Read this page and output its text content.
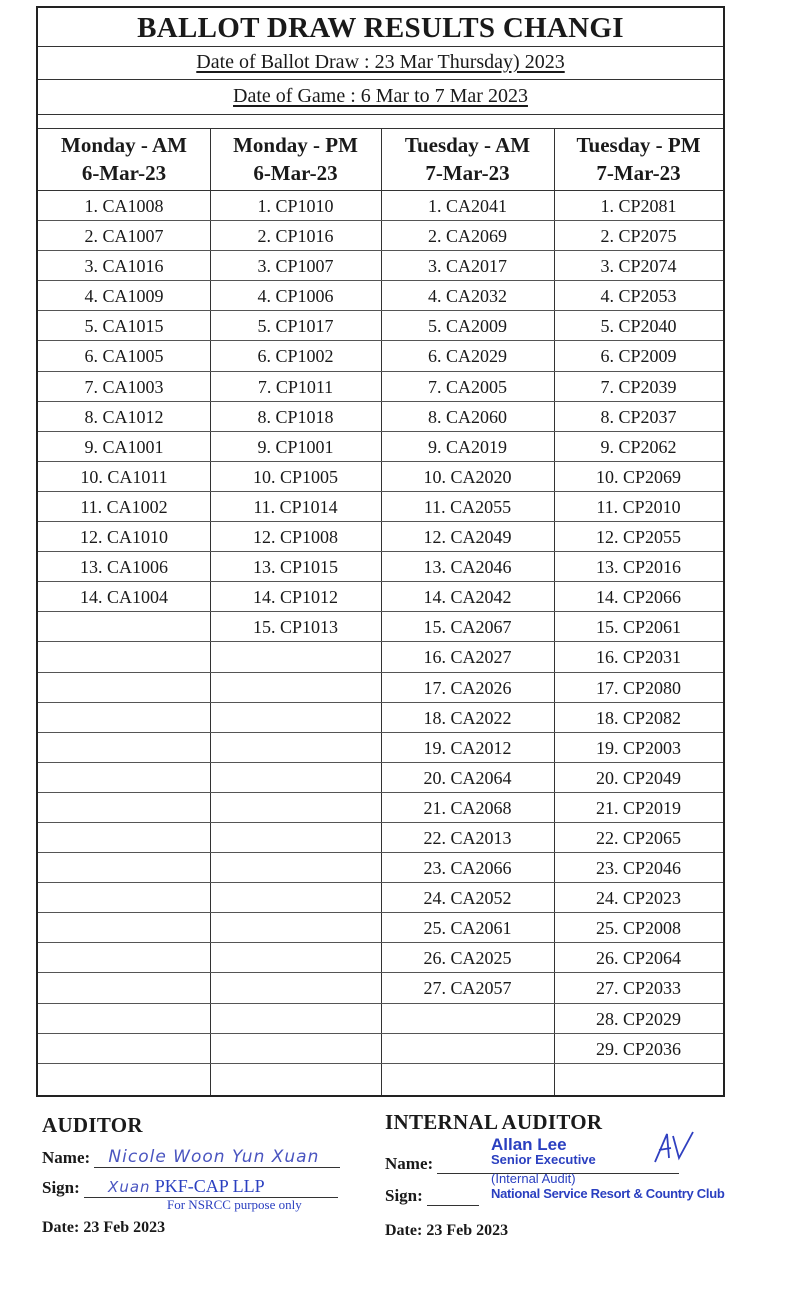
BALLOT DRAW RESULTS CHANGI
Date of Ballot Draw : 23 Mar Thursday) 2023
Date of Game : 6 Mar to 7 Mar 2023
Monday - AM
6-Mar-23
1. CA1008
2. CA1007
3. CA1016
4. CA1009
5. CA1015
6. CA1005
7. CA1003
8. CA1012
9. CA1001
10. CA1011
11. CA1002
12. CA1010
13. CA1006
14. CA1004
Monday - PM
6-Mar-23
1. CP1010
2. CP1016
3. CP1007
4. CP1006
5. CP1017
6. CP1002
7. CP1011
8. CP1018
9. CP1001
10. CP1005
11. CP1014
12. CP1008
13. CP1015
14. CP1012
15. CP1013
Tuesday - AM
7-Mar-23
1. CA2041
2. CA2069
3. CA2017
4. CA2032
5. CA2009
6. CA2029
7. CA2005
8. CA2060
9. CA2019
10. CA2020
11. CA2055
12. CA2049
13. CA2046
14. CA2042
15. CA2067
16. CA2027
17. CA2026
18. CA2022
19. CA2012
20. CA2064
21. CA2068
22. CA2013
23. CA2066
24. CA2052
25. CA2061
26. CA2025
27. CA2057
Tuesday - PM
7-Mar-23
1. CP2081
2. CP2075
3. CP2074
4. CP2053
5. CP2040
6. CP2009
7. CP2039
8. CP2037
9. CP2062
10. CP2069
11. CP2010
12. CP2055
13. CP2016
14. CP2066
15. CP2061
16. CP2031
17. CP2080
18. CP2082
19. CP2003
20. CP2049
21. CP2019
22. CP2065
23. CP2046
24. CP2023
25. CP2008
26. CP2064
27. CP2033
28. CP2029
29. CP2036
AUDITOR
Name: Nicole Woon Yun Xuan
Sign: Xuan PKF-CAP LLP
For NSRCC purpose only
Date: 23 Feb 2023
INTERNAL AUDITOR
Allan Lee
Senior Executive
(Internal Audit)
National Service Resort & Country Club
Name:
Sign:
Date: 23 Feb 2023
